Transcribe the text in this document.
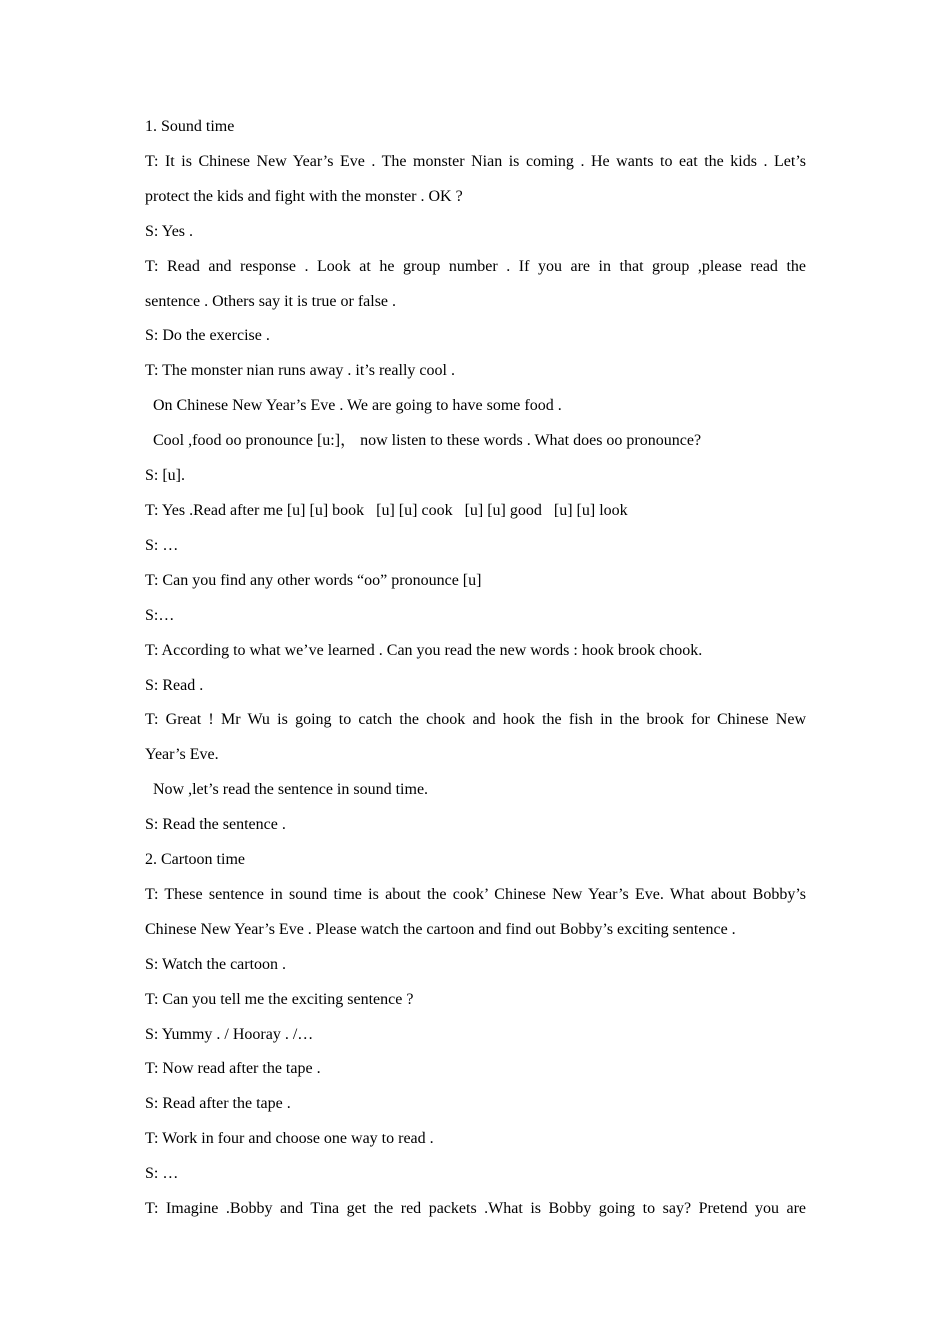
1. Sound time
T: It is Chinese New Year’s Eve . The monster Nian is coming . He wants to eat the kids . Let’s
protect the kids and fight with the monster . OK ?
S: Yes .
T: Read and response . Look at he group number . If you are in that group ,please read the
sentence . Others say it is true or false .
S: Do the exercise .
T: The monster nian runs away . it’s really cool .
On Chinese New Year’s Eve . We are going to have some food .
Cool ,food oo pronounce [u:]， now listen to these words . What does oo pronounce?
S: [u].
T: Yes .Read after me [u] [u] book   [u] [u] cook   [u] [u] good   [u] [u] look
S: …
T: Can you find any other words “oo” pronounce [u]
S:…
T: According to what we’ve learned . Can you read the new words : hook brook chook.
S: Read .
T: Great ! Mr Wu is going to catch the chook and hook the fish in the brook for Chinese New
Year’s Eve.
Now ,let’s read the sentence in sound time.
S: Read the sentence .
2. Cartoon time
T: These sentence in sound time is about the cook’ Chinese New Year’s Eve. What about Bobby’s
Chinese New Year’s Eve . Please watch the cartoon and find out Bobby’s exciting sentence .
S: Watch the cartoon .
T: Can you tell me the exciting sentence ?
S: Yummy . / Hooray . /…
T: Now read after the tape .
S: Read after the tape .
T: Work in four and choose one way to read .
S: …
T: Imagine .Bobby and Tina get the red packets .What is Bobby going to say? Pretend you are
